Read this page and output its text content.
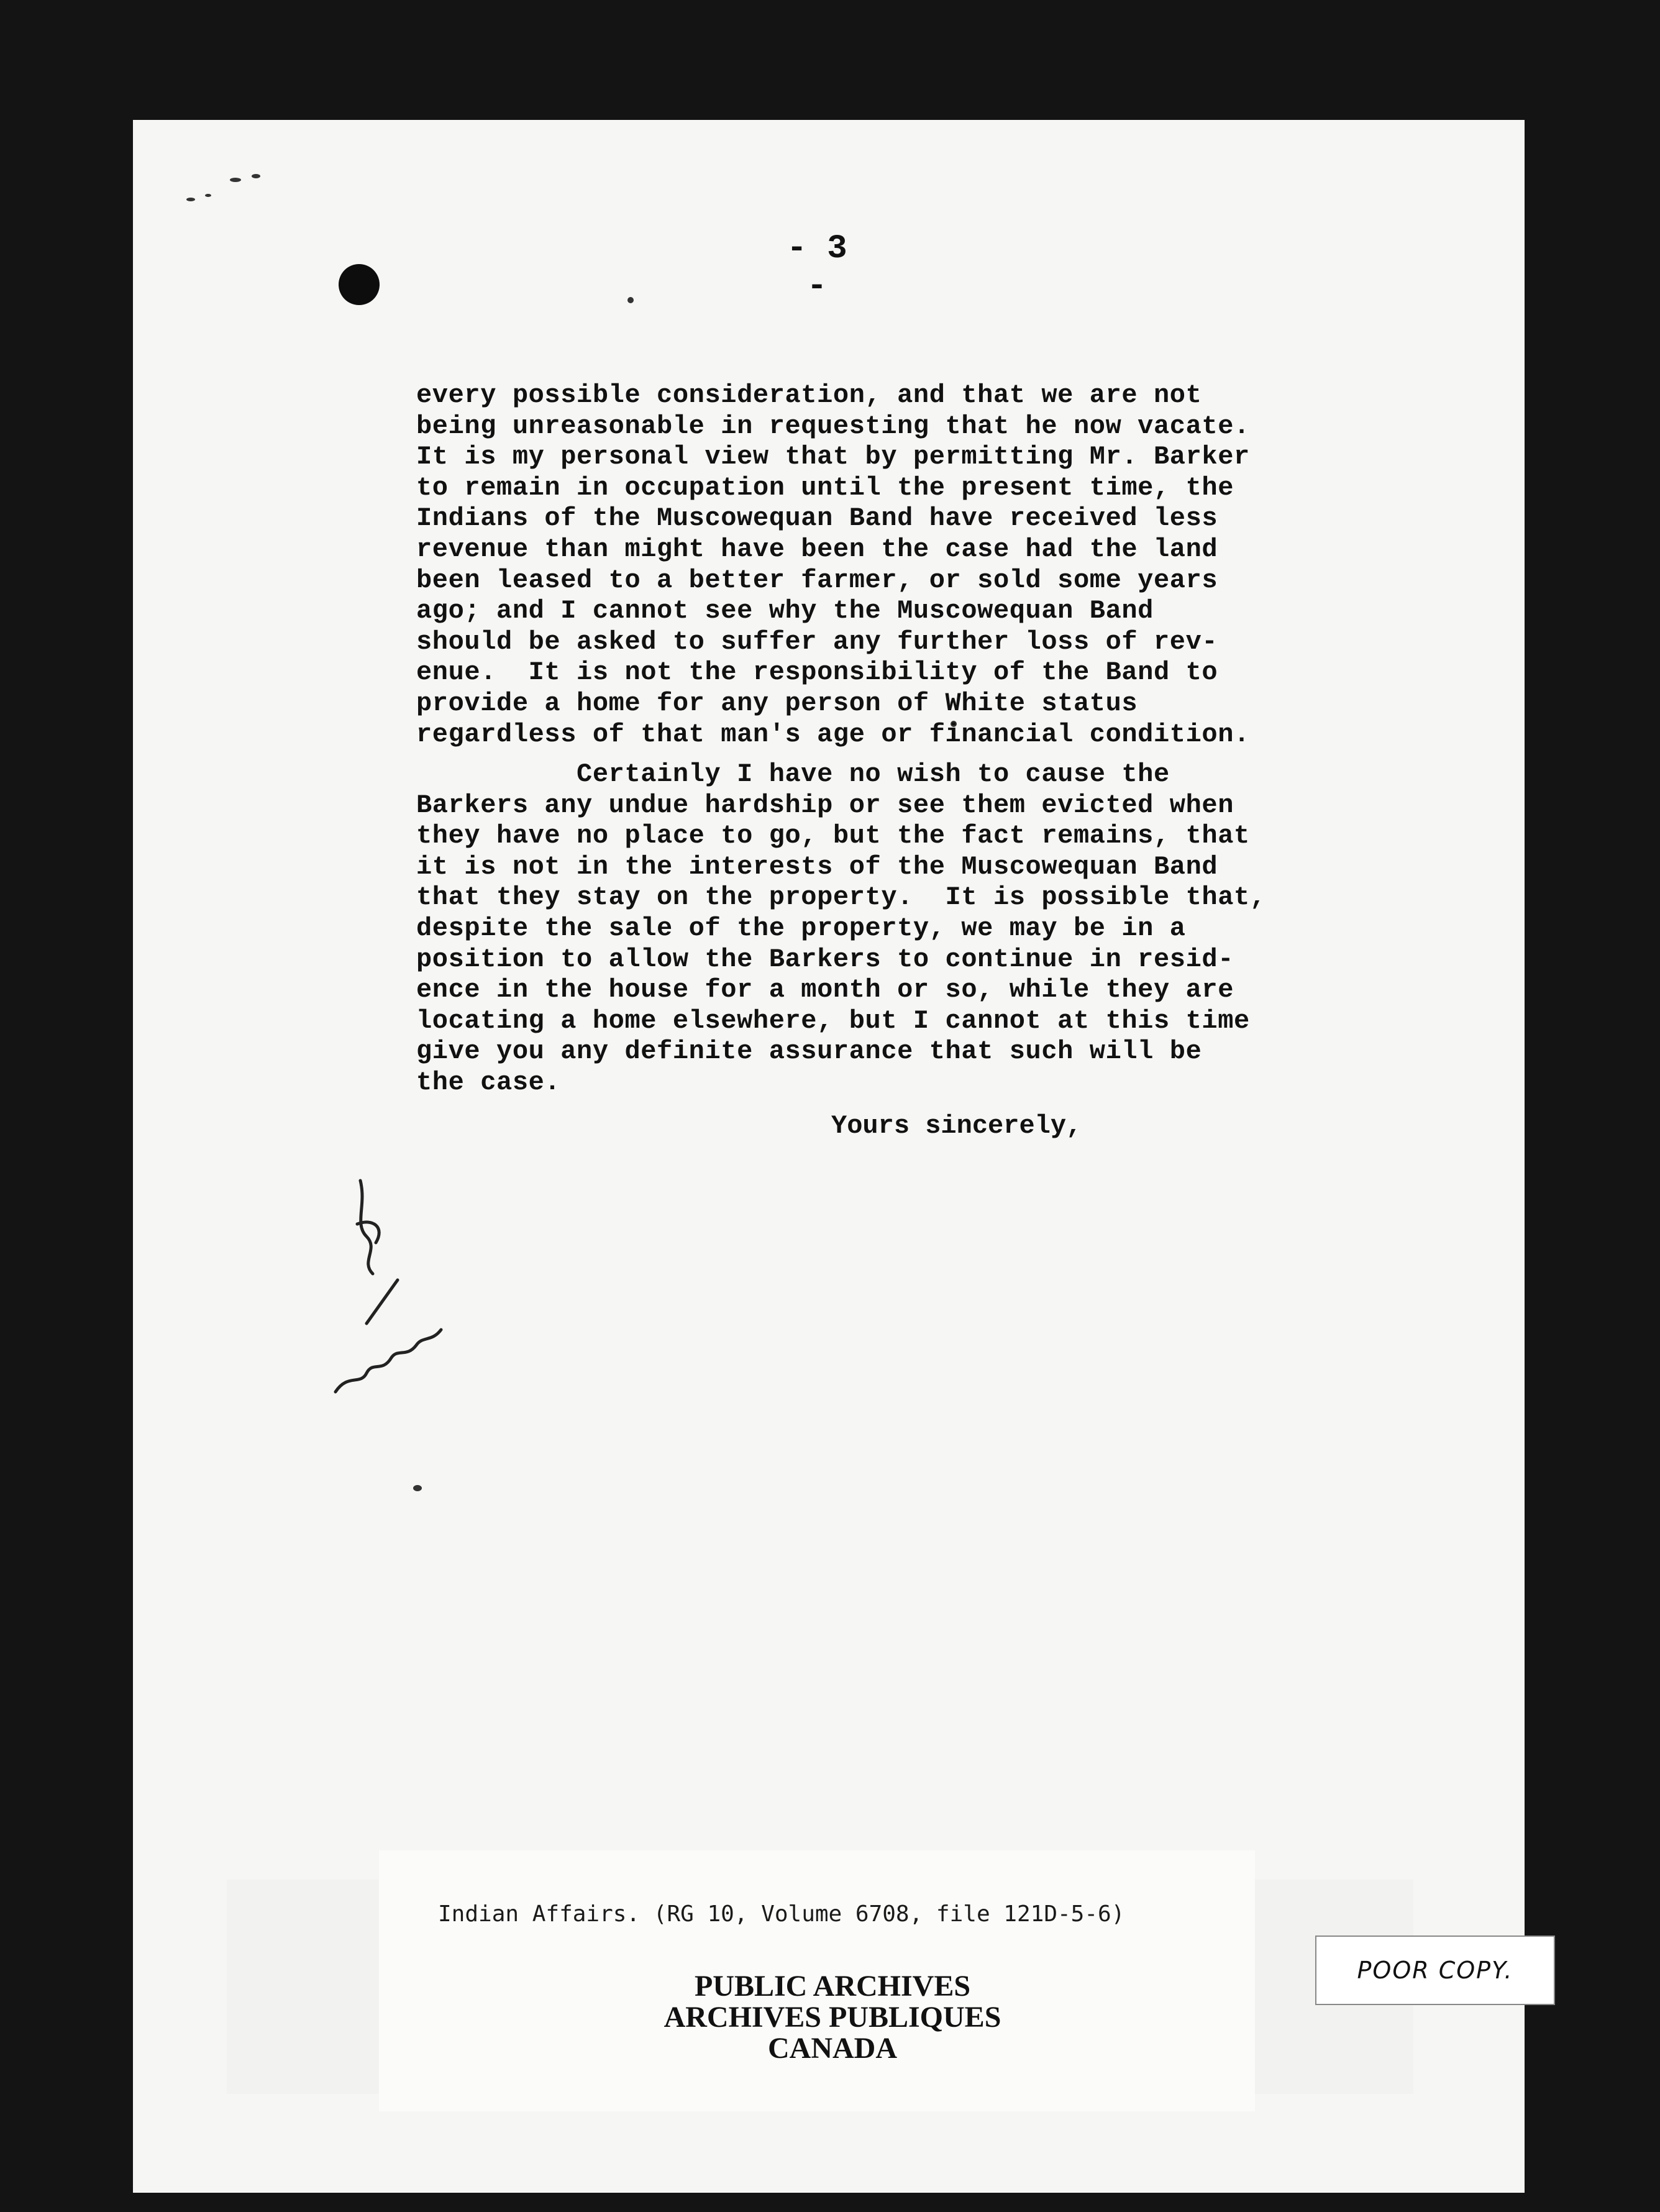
- 3 -
every possible consideration, and that we are not
being unreasonable in requesting that he now vacate.
It is my personal view that by permitting Mr. Barker
to remain in occupation until the present time, the
Indians of the Muscowequan Band have received less
revenue than might have been the case had the land
been leased to a better farmer, or sold some years
ago; and I cannot see why the Muscowequan Band
should be asked to suffer any further loss of rev-
enue.  It is not the responsibility of the Band to
provide a home for any person of White status
regardless of that man's age or financial condition.
Certainly I have no wish to cause the
Barkers any undue hardship or see them evicted when
they have no place to go, but the fact remains, that
it is not in the interests of the Muscowequan Band
that they stay on the property.  It is possible that,
despite the sale of the property, we may be in a
position to allow the Barkers to continue in resid-
ence in the house for a month or so, while they are
locating a home elsewhere, but I cannot at this time
give you any definite assurance that such will be
the case.
Yours sincerely,
Indian Affairs. (RG 10, Volume 6708, file 121D-5-6)
PUBLIC ARCHIVES
ARCHIVES PUBLIQUES
CANADA
POOR COPY.
